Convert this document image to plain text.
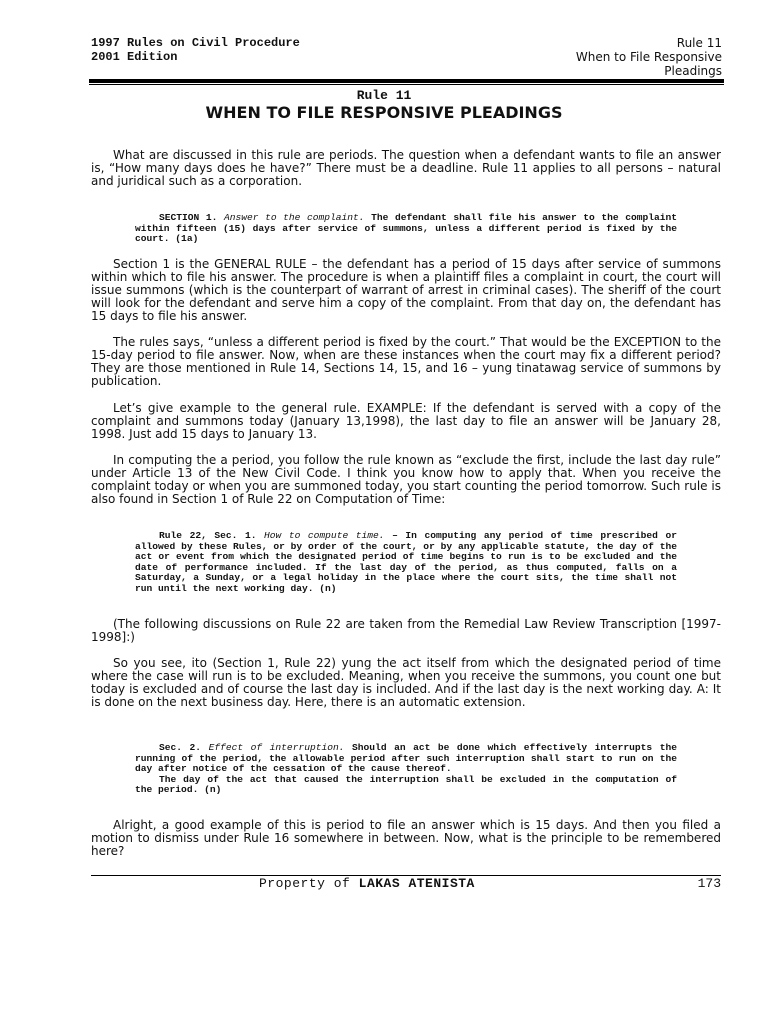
1997 Rules on Civil Procedure
2001 Edition
Rule 11
When to File Responsive
Pleadings
Rule 11
WHEN TO FILE RESPONSIVE PLEADINGS

What are discussed in this rule are periods. The question when a defendant wants to file an answer is, “How many days does he have?” There must be a deadline. Rule 11 applies to all persons – natural and juridical such as a corporation.

SECTION 1. Answer to the complaint. The defendant shall file his answer to the complaint within fifteen (15) days after service of summons, unless a different period is fixed by the court. (1a)

Section 1 is the GENERAL RULE – the defendant has a period of 15 days after service of summons within which to file his answer. The procedure is when a plaintiff files a complaint in court, the court will issue summons (which is the counterpart of warrant of arrest in criminal cases). The sheriff of the court will look for the defendant and serve him a copy of the complaint. From that day on, the defendant has 15 days to file his answer.

The rules says, “unless a different period is fixed by the court.” That would be the EXCEPTION to the 15-day period to file answer. Now, when are these instances when the court may fix a different period? They are those mentioned in Rule 14, Sections 14, 15, and 16 – yung tinatawag service of summons by publication.

Let’s give example to the general rule. EXAMPLE: If the defendant is served with a copy of the complaint and summons today (January 13,1998), the last day to file an answer will be January 28, 1998. Just add 15 days to January 13.

In computing the a period, you follow the rule known as “exclude the first, include the last day rule” under Article 13 of the New Civil Code. I think you know how to apply that. When you receive the complaint today or when you are summoned today, you start counting the period tomorrow. Such rule is also found in Section 1 of Rule 22 on Computation of Time:

Rule 22, Sec. 1. How to compute time. – In computing any period of time prescribed or allowed by these Rules, or by order of the court, or by any applicable statute, the day of the act or event from which the designated period of time begins to run is to be excluded and the date of performance included. If the last day of the period, as thus computed, falls on a Saturday, a Sunday, or a legal holiday in the place where the court sits, the time shall not run until the next working day. (n)

(The following discussions on Rule 22 are taken from the Remedial Law Review Transcription [1997-1998]:)

So you see, ito (Section 1, Rule 22) yung the act itself from which the designated period of time where the case will run is to be excluded. Meaning, when you receive the summons, you count one but today is excluded and of course the last day is included. And if the last day is the next working day. A: It is done on the next business day. Here, there is an automatic extension.

Sec. 2. Effect of interruption. Should an act be done which effectively interrupts the running of the period, the allowable period after such interruption shall start to run on the day after notice of the cessation of the cause thereof.

The day of the act that caused the interruption shall be excluded in the computation of the period. (n)

Alright, a good example of this is period to file an answer which is 15 days. And then you filed a motion to dismiss under Rule 16 somewhere in between. Now, what is the principle to be remembered here?

Property of LAKAS ATENISTA	173
